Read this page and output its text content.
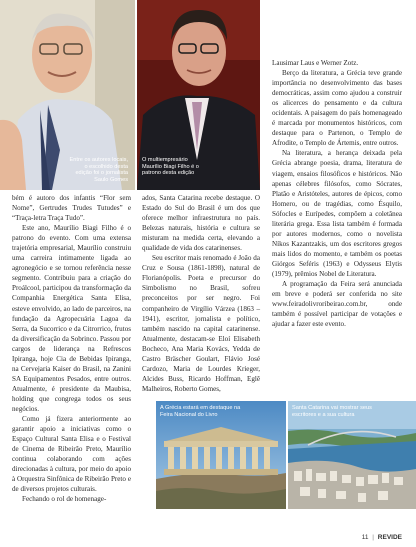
Entre os autores locais, o escolhido desta edição foi o jornalista Saulo Gomes
O multiempresário Maurílio Biagi Filho é o patrono desta edição

bém é autoro dos infantis “Flor sem Nome”, Gertrudes Trudes Tutudes” e “Traça-letra Traça Tudo”.

Este ano, Maurílio Biagi Filho é o patrono do evento. Com uma extensa trajetória empresarial, Maurílio construiu uma carreira intimamente ligada ao agronegócio e se tornou referência nesse segmento. Contribuiu para a criação do Proálcool, participou da transformação da Companhia Energética Santa Elisa, esteve envolvido, ao lado de parceiros, na fundação da Agropecuária Lagoa da Serra, da Sucorrico e da Citrorrico, frutos da diversificação da Sobrinco. Passou por cargos de liderança na Refrescos Ipiranga, hoje Cia de Bebidas Ipiranga, na Cervejaria Kaiser do Brasil, na Zanini SA Equipamentos Pesados, entre outros. Atualmente, é presidente da Maubisa, holding que congrega todos os seus negócios.

Como já fizera anteriormente ao garantir apoio a iniciativas como o Espaço Cultural Santa Elisa e o Festival de Cinema de Ribeirão Preto, Maurílio continua colaborando com ações direcionadas à cultura, por meio do apoio à Orquestra Sinfônica de Ribeirão Preto e de diversos projetos culturais.

Fechando o rol de homenage-

ados, Santa Catarina recebe destaque. O Estado do Sul do Brasil é um dos que oferece melhor infraestrutura no país. Belezas naturais, história e cultura se misturam na medida certa, elevando a qualidade de vida dos catarinenses.

Seu escritor mais renomado é João da Cruz e Sousa (1861-1898), natural de Florianópolis. Poeta e precursor do Simbolismo no Brasil, sofreu preconceitos por ser negro. Foi companheiro de Virgílio Várzea (1863 – 1941), escritor, jornalista e político, também nascido na capital catarinense. Atualmente, destacam-se Eloí Elisabeth Bocheco, Ana Maria Kovács, Yedda de Castro Bräscher Goulart, Flávio José Cardozo, Maria de Lourdes Krieger, Alcides Buss, Ricardo Hoffman, Eglê Malheiros, Roberto Gomes,

Lausimar Laus e Werner Zotz.

Berço da literatura, a Grécia teve grande importância no desenvolvimento das bases democráticas, assim como ajudou a construir os alicerces do pensamento e da cultura ocidentais. A paisagem do país homenageado é marcada por monumentos históricos, com destaque para o Partenon, o Templo de Afrodite, o Templo de Ártemis, entre outros.

Na literatura, a herança deixada pela Grécia abrange poesia, drama, literatura de viagem, ensaios filosóficos e históricos. Não apenas célebres filósofos, como Sócrates, Platão e Aristóteles, autores de épicos, como Homero, ou de tragédias, como Ésquilo, Sófocles e Eurípedes, compõem a coletânea literária grega. Essa lista também é formada por autores modernos, como o novelista Níkos Kazantzakis, um dos escritores gregos mais lidos do momento, e também os poetas Giórgos Seféris (1963) e Odysseus Elytis (1979), prêmios Nobel de Literatura.

A programação da Feira será anunciada em breve e poderá ser conferida no site www.feiradolivroribeirao.com.br, onde também é possível participar de votações e ajudar a fazer este evento.

A Grécia estará em destaque na Feira Nacional do Livro
Santa Catarina vai mostrar seus escritores e a sua cultura
11 | REVIDE
